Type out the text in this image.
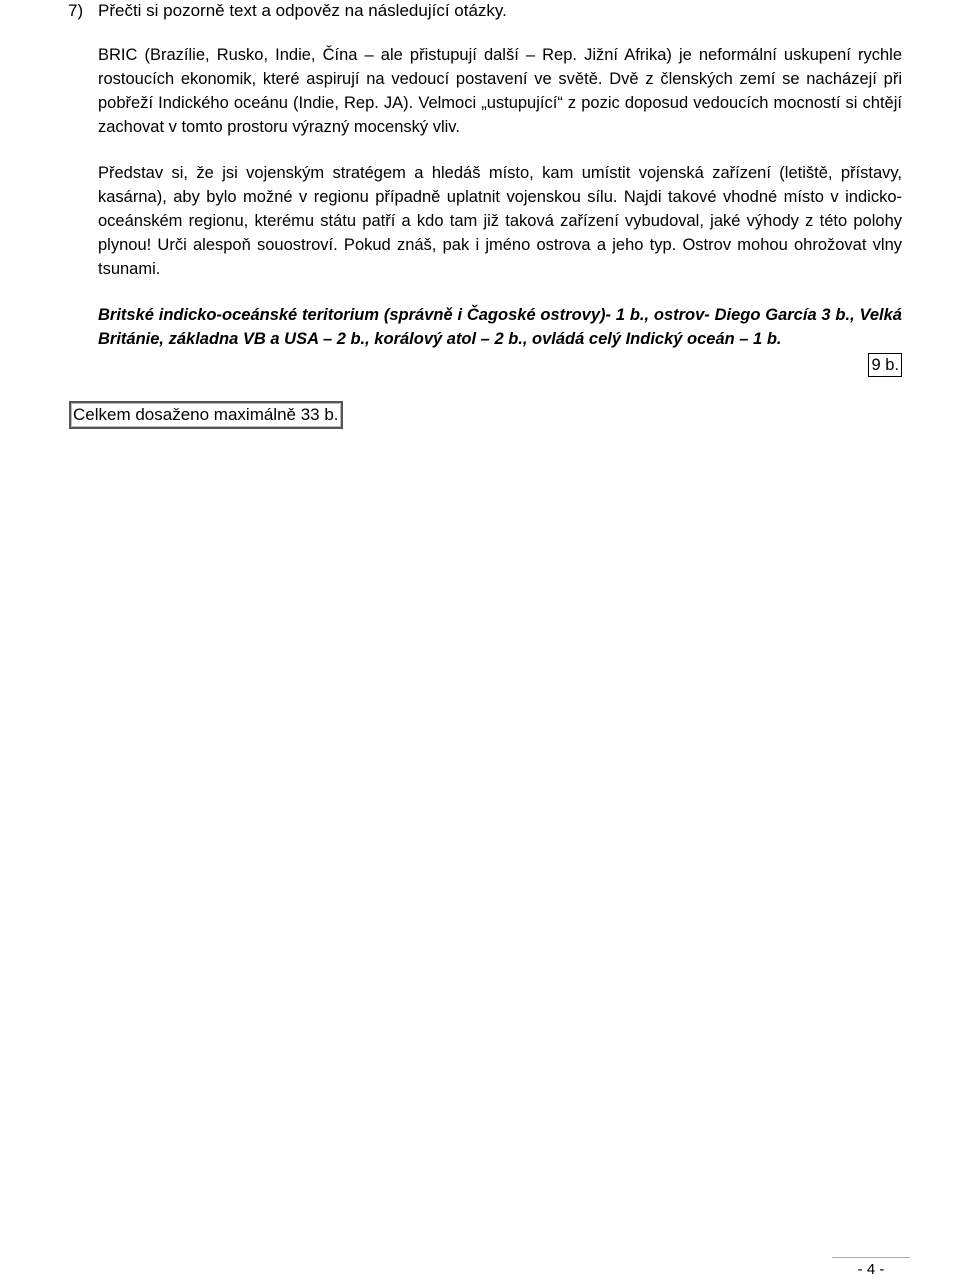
7) Přečti si pozorně text a odpověz na následující otázky.

BRIC (Brazílie, Rusko, Indie, Čína – ale přistupují další – Rep. Jižní Afrika) je neformální uskupení rychle rostoucích ekonomik, které aspirují na vedoucí postavení ve světě. Dvě z členských zemí se nacházejí při pobřeží Indického oceánu (Indie, Rep. JA). Velmoci „ustupující“ z pozic doposud vedoucích mocností si chtějí zachovat v tomto prostoru výrazný mocenský vliv.

Představ si, že jsi vojenským stratégem a hledáš místo, kam umístit vojenská zařízení (letiště, přístavy, kasárna), aby bylo možné v regionu případně uplatnit vojenskou sílu. Najdi takové vhodné místo v indicko-oceánském regionu, kterému státu patří a kdo tam již taková zařízení vybudoval, jaké výhody z této polohy plynou! Urči alespoň souostroví. Pokud znáš, pak i jméno ostrova a jeho typ. Ostrov mohou ohrožovat vlny tsunami.

Britské indicko-oceánské teritorium (správně i Čagoské ostrovy)- 1 b., ostrov- Diego García 3 b., Velká Británie, základna VB a USA – 2 b., korálový atol – 2 b., ovládá celý Indický oceán – 1 b.

9 b.
Celkem dosaženo maximálně 33 b.
- 4 -
